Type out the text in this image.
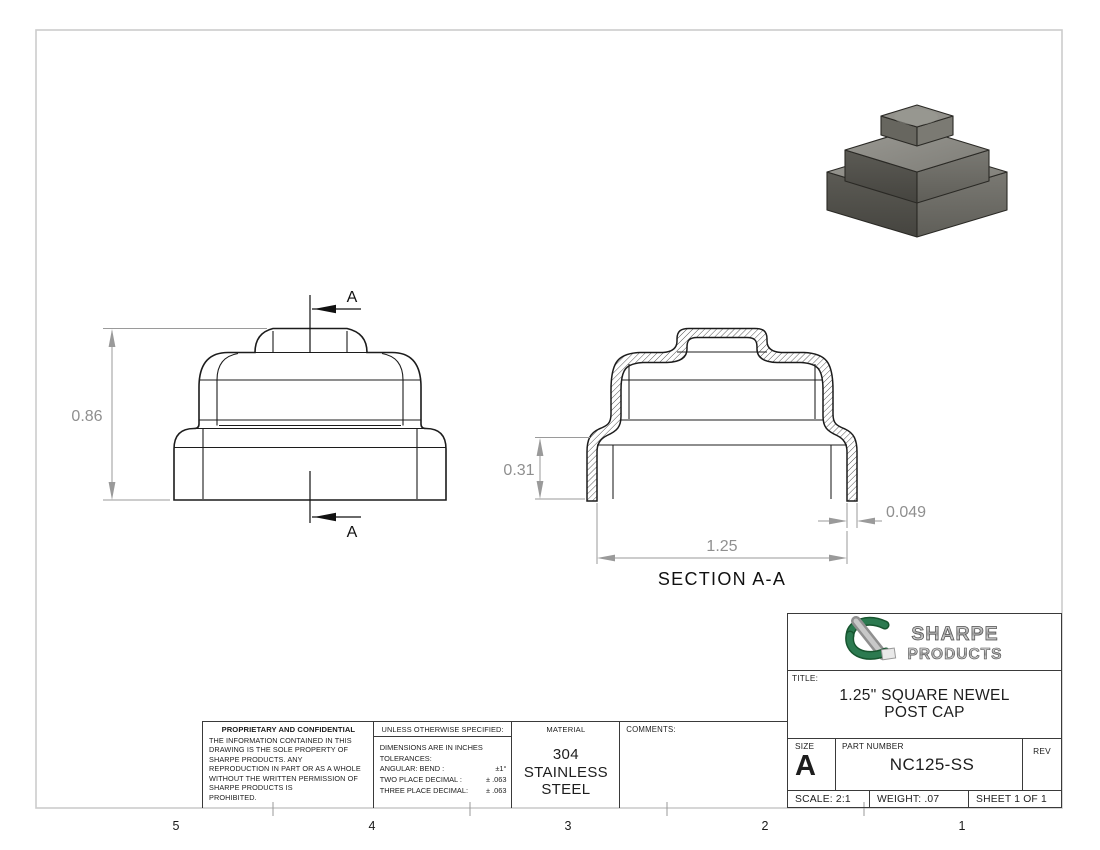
5	4	3	2	1
A
A
0.86
0.31
1.25
0.049
SECTION A-A
PROPRIETARY AND CONFIDENTIAL
THE INFORMATION CONTAINED IN THIS
DRAWING IS THE SOLE PROPERTY OF
SHARPE PRODUCTS. ANY
REPRODUCTION IN PART OR AS A WHOLE
WITHOUT THE WRITTEN PERMISSION OF
SHARPE PRODUCTS IS
PROHIBITED.
UNLESS OTHERWISE SPECIFIED:
DIMENSIONS ARE IN INCHES
TOLERANCES:
ANGULAR: BEND :	±1°
TWO PLACE DECIMAL :	± .063
THREE PLACE DECIMAL: ± .063
MATERIAL
304
STAINLESS
STEEL
COMMENTS:
SHARPE
PRODUCTS
TITLE:
1.25" SQUARE NEWEL
POST CAP
SIZE
A
PART NUMBER
NC125-SS
REV
SCALE: 2:1	WEIGHT: .07	SHEET 1 OF 1
